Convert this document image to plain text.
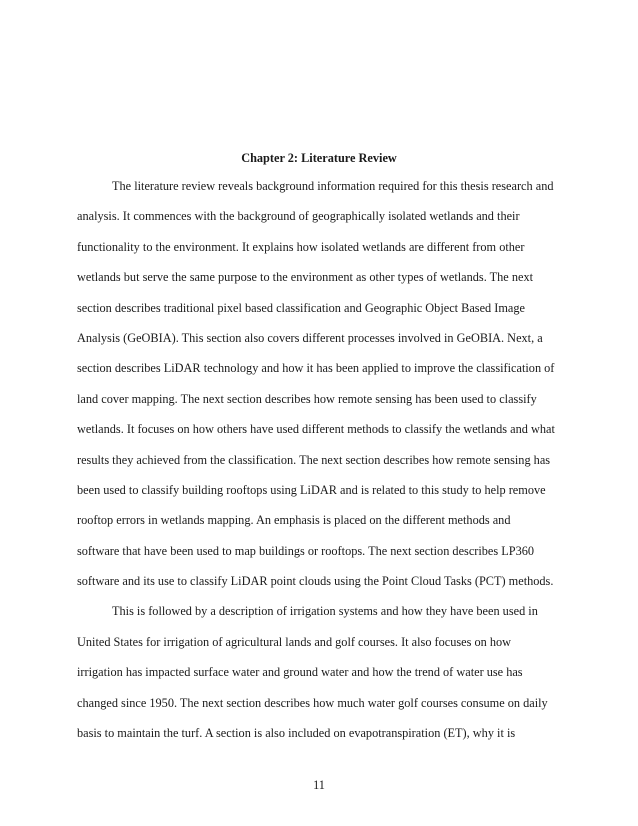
Chapter 2: Literature Review
The literature review reveals background information required for this thesis research and
analysis. It commences with the background of geographically isolated wetlands and their
functionality to the environment. It explains how isolated wetlands are different from other
wetlands but serve the same purpose to the environment as other types of wetlands. The next
section describes traditional pixel based classification and Geographic Object Based Image
Analysis (GeOBIA). This section also covers different processes involved in GeOBIA. Next, a
section describes LiDAR technology and how it has been applied to improve the classification of
land cover mapping. The next section describes how remote sensing has been used to classify
wetlands. It focuses on how others have used different methods to classify the wetlands and what
results they achieved from the classification. The next section describes how remote sensing has
been used to classify building rooftops using LiDAR and is related to this study to help remove
rooftop errors in wetlands mapping. An emphasis is placed on the different methods and
software that have been used to map buildings or rooftops. The next section describes LP360
software and its use to classify LiDAR point clouds using the Point Cloud Tasks (PCT) methods.
This is followed by a description of irrigation systems and how they have been used in
United States for irrigation of agricultural lands and golf courses. It also focuses on how
irrigation has impacted surface water and ground water and how the trend of water use has
changed since 1950. The next section describes how much water golf courses consume on daily
basis to maintain the turf. A section is also included on evapotranspiration (ET), why it is
11
